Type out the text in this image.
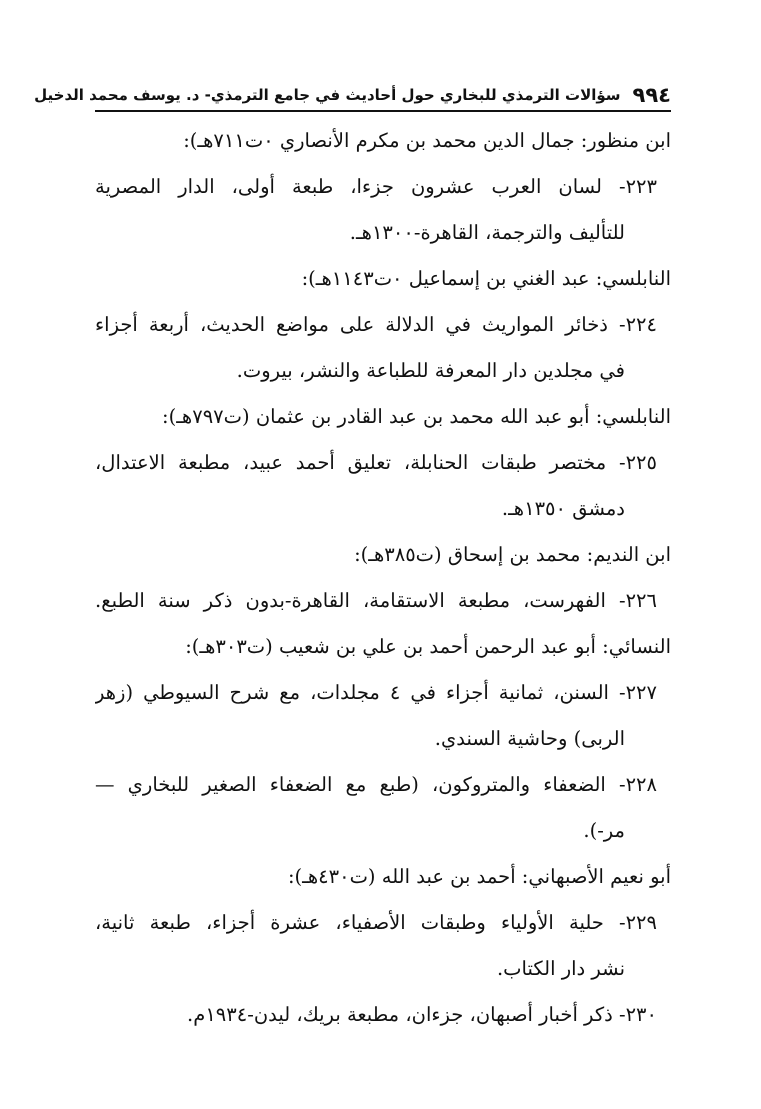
٩٩٤
سؤالات الترمذي للبخاري حول أحاديث في جامع الترمذي- د. يوسف محمد الدخيل
ابن منظور: جمال الدين محمد بن مكرم الأنصاري ٠ت٧١١هـ):
٢٢٣- لسان العرب عشرون جزءا، طبعة أولى، الدار المصرية
للتأليف والترجمة، القاهرة-١٣٠٠هـ.
النابلسي: عبد الغني بن إسماعيل ٠ت١١٤٣هـ):
٢٢٤- ذخائر المواريث في الدلالة على مواضع الحديث، أربعة أجزاء
في مجلدين دار المعرفة للطباعة والنشر، بيروت.
النابلسي: أبو عبد الله محمد بن عبد القادر بن عثمان (ت٧٩٧هـ):
٢٢٥- مختصر طبقات الحنابلة، تعليق أحمد عبيد، مطبعة الاعتدال،
دمشق ١٣٥٠هـ.
ابن النديم: محمد بن إسحاق (ت٣٨٥هـ):
٢٢٦- الفهرست، مطبعة الاستقامة، القاهرة-بدون ذكر سنة الطبع.
النسائي: أبو عبد الرحمن أحمد بن علي بن شعيب (ت٣٠٣هـ):
٢٢٧- السنن، ثمانية أجزاء في ٤ مجلدات، مع شرح السيوطي (زهر
الربى) وحاشية السندي.
٢٢٨- الضعفاء والمتروكون، (طبع مع الضعفاء الصغير للبخاري —
مر-).
أبو نعيم الأصبهاني: أحمد بن عبد الله (ت٤٣٠هـ):
٢٢٩- حلية الأولياء وطبقات الأصفياء، عشرة أجزاء، طبعة ثانية،
نشر دار الكتاب.
٢٣٠- ذكر أخبار أصبهان، جزءان، مطبعة بريك، ليدن-١٩٣٤م.
